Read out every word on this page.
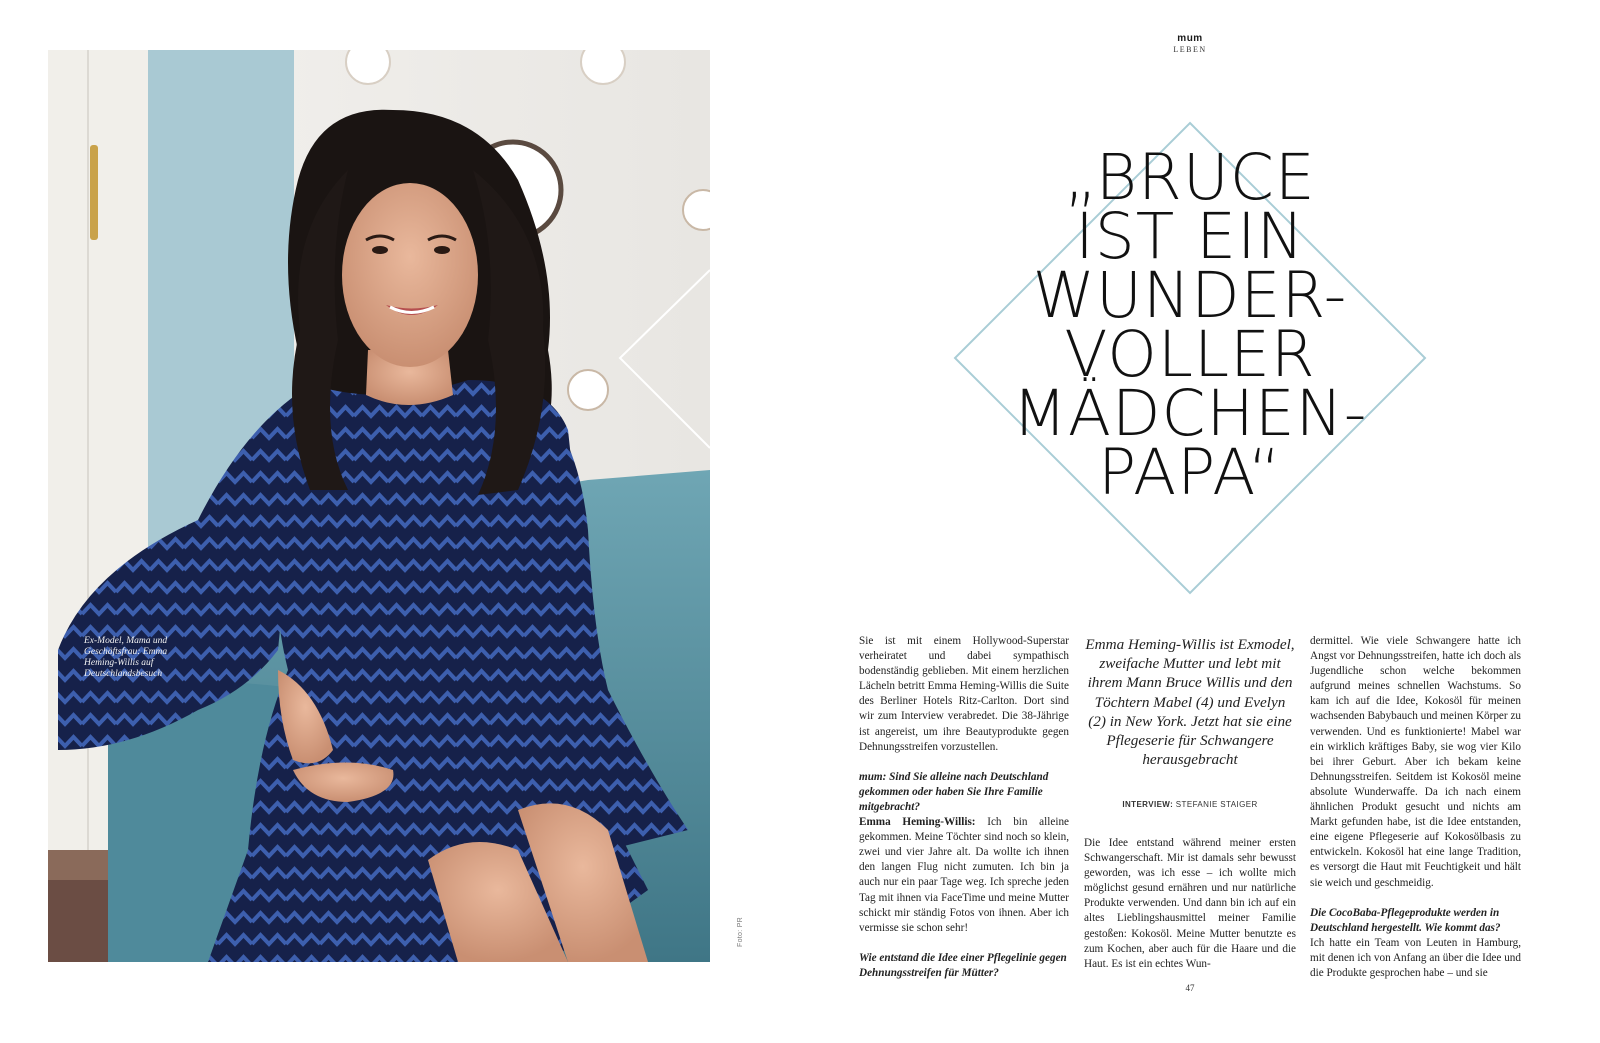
Ex-Model, Mama und Geschäftsfrau: Emma Heming-Willis auf Deutschlandsbesuch
Foto: PR
mum
LEBEN
„BRUCE
IST EIN
WUNDER-
VOLLER
MÄDCHEN-
PAPA“

Sie ist mit einem Hollywood-Superstar verheiratet und dabei sympathisch bodenständig geblieben. Mit einem herzlichen Lächeln betritt Emma Heming-Willis die Suite des Berliner Hotels Ritz-Carlton. Dort sind wir zum Interview verabredet. Die 38-Jährige ist angereist, um ihre Beautyprodukte gegen Dehnungsstreifen vorzustellen.

mum: Sind Sie alleine nach Deutschland gekommen oder haben Sie Ihre Familie mitgebracht?

Emma Heming-Willis: Ich bin alleine gekommen. Meine Töchter sind noch so klein, zwei und vier Jahre alt. Da wollte ich ihnen den langen Flug nicht zumuten. Ich bin ja auch nur ein paar Tage weg. Ich spreche jeden Tag mit ihnen via FaceTime und meine Mutter schickt mir ständig Fotos von ihnen. Aber ich vermisse sie schon sehr!

Wie entstand die Idee einer Pflegelinie gegen Dehnungsstreifen für Mütter?

Emma Heming-Willis ist Exmodel, zweifache Mutter und lebt mit ihrem Mann Bruce Willis und den Töchtern Mabel (4) und Evelyn (2) in New York. Jetzt hat sie eine Pflegeserie für Schwangere herausgebracht
INTERVIEW: STEFANIE STAIGER

Die Idee entstand während meiner ersten Schwangerschaft. Mir ist damals sehr bewusst geworden, was ich esse – ich wollte mich möglichst gesund ernähren und nur natürliche Produkte verwenden. Und dann bin ich auf ein altes Lieblingshausmittel meiner Familie gestoßen: Kokosöl. Meine Mutter benutzte es zum Kochen, aber auch für die Haare und die Haut. Es ist ein echtes Wun-

dermittel. Wie viele Schwangere hatte ich Angst vor Dehnungsstreifen, hatte ich doch als Jugendliche schon welche bekommen aufgrund meines schnellen Wachstums. So kam ich auf die Idee, Kokosöl für meinen wachsenden Babybauch und meinen Körper zu verwenden. Und es funktionierte! Mabel war ein wirklich kräftiges Baby, sie wog vier Kilo bei ihrer Geburt. Aber ich bekam keine Dehnungsstreifen. Seitdem ist Kokosöl meine absolute Wunderwaffe. Da ich nach einem ähnlichen Produkt gesucht und nichts am Markt gefunden habe, ist die Idee entstanden, eine eigene Pflegeserie auf Kokosölbasis zu entwickeln. Kokosöl hat eine lange Tradition, es versorgt die Haut mit Feuchtigkeit und hält sie weich und geschmeidig.

Die CocoBaba-Pflegeprodukte werden in Deutschland hergestellt. Wie kommt das?

Ich hatte ein Team von Leuten in Hamburg, mit denen ich von Anfang an über die Idee und die Produkte gesprochen habe – und sie

47
